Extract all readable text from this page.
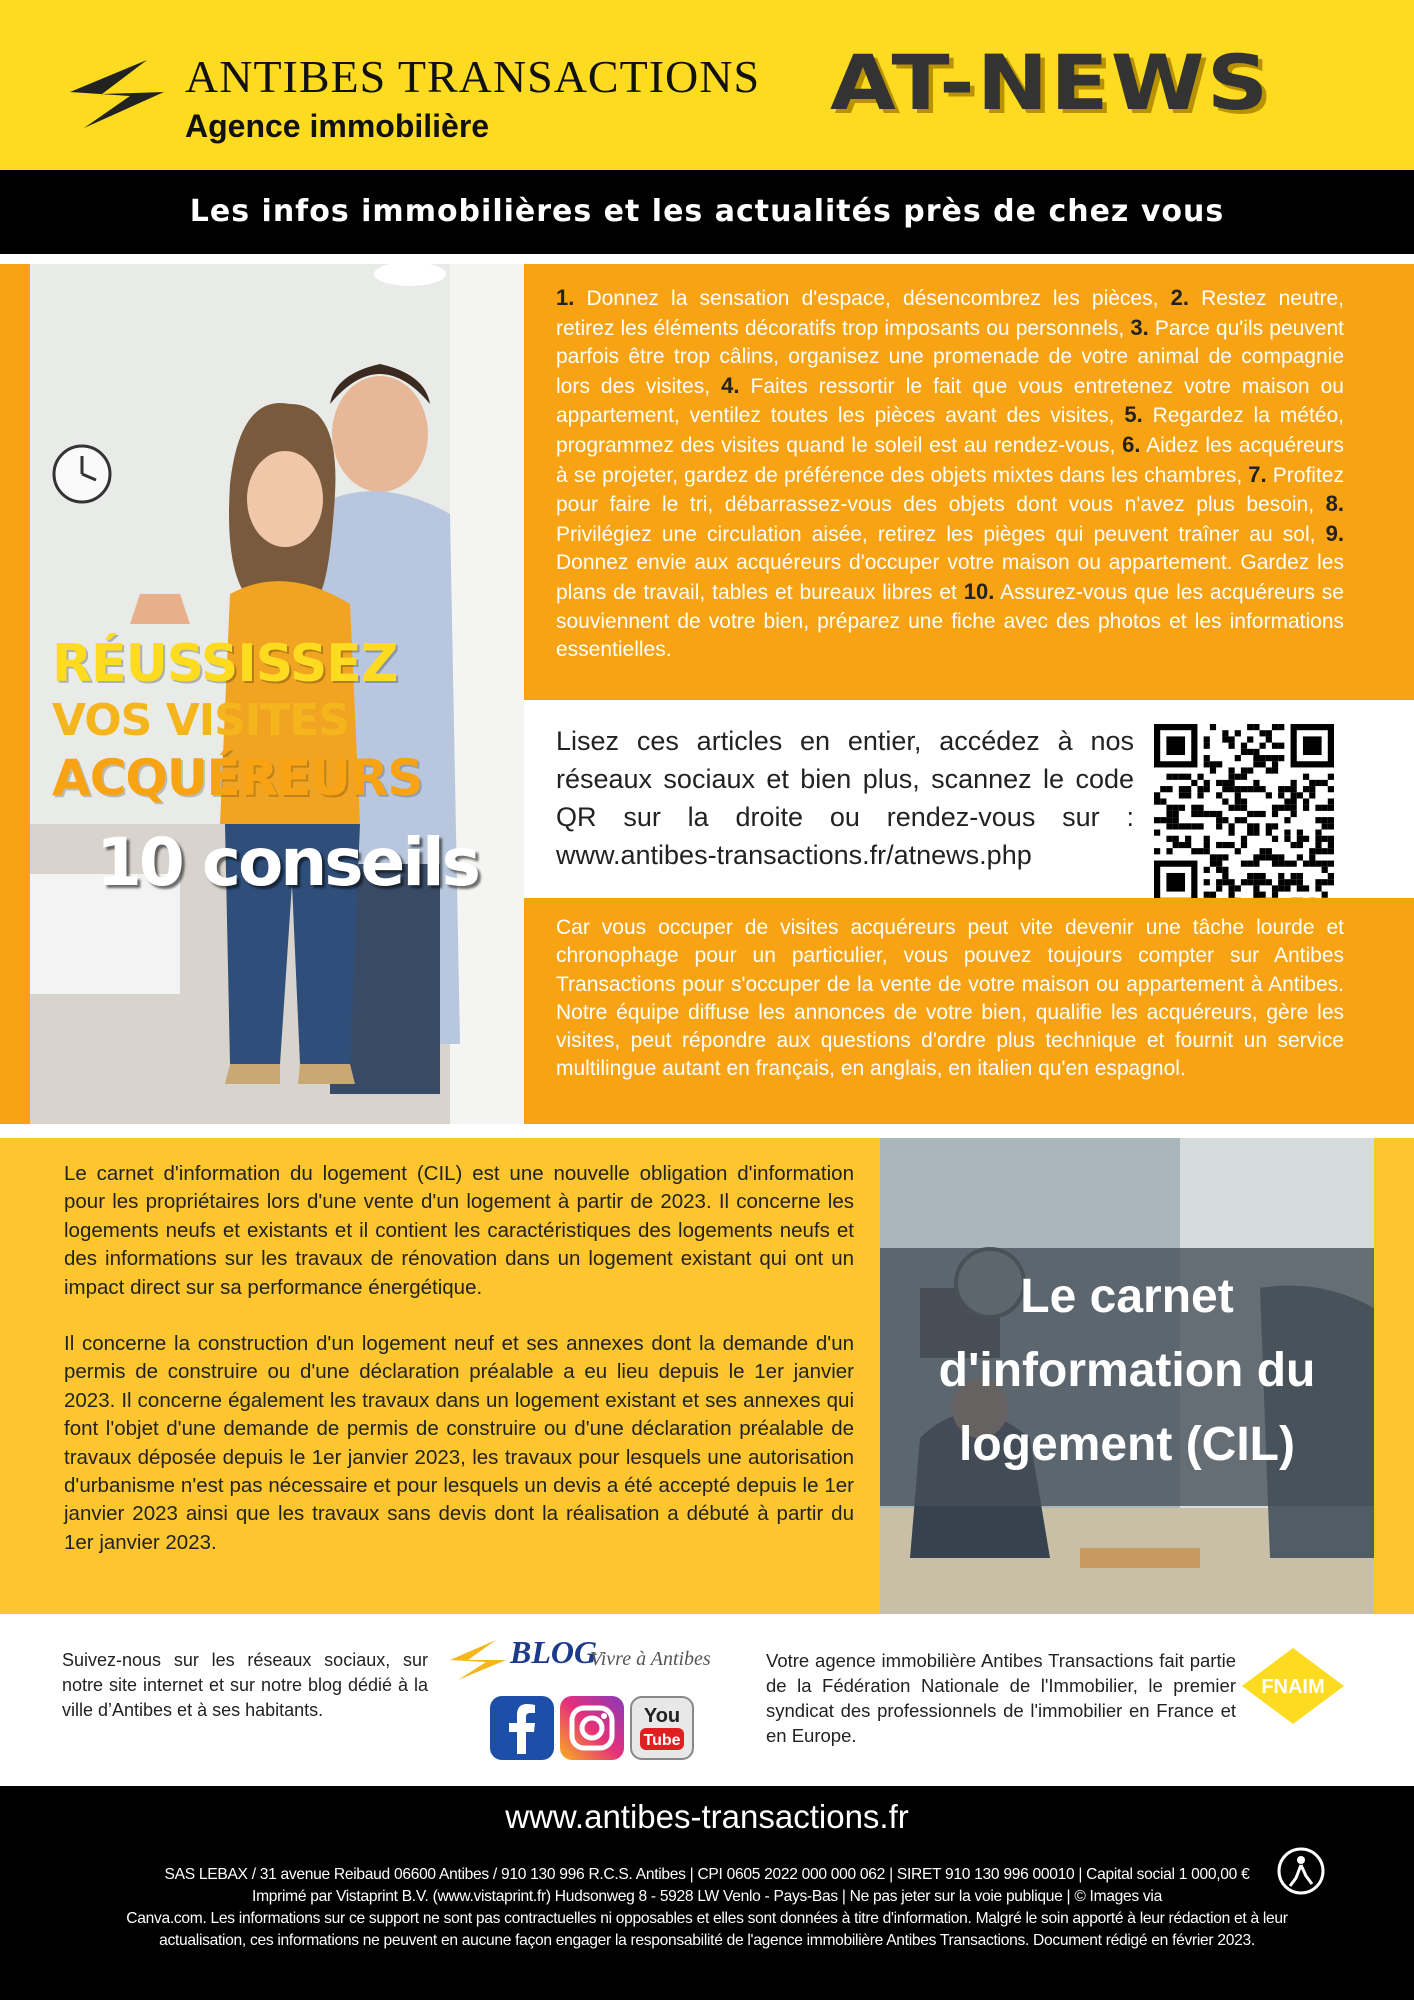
ANTIBES TRANSACTIONS
Agence immobilière	AT-NEWS
Les infos immobilières et les actualités près de chez vous
RÉUSSISSEZ
VOS VISITES
ACQUÉREURS
10 conseils
1. Donnez la sensation d'espace, désencombrez les pièces, 2. Restez neutre, retirez les éléments décoratifs trop imposants ou personnels, 3. Parce qu'ils peuvent parfois être trop câlins, organisez une promenade de votre animal de compagnie lors des visites, 4. Faites ressortir le fait que vous entretenez votre maison ou appartement, ventilez toutes les pièces avant des visites, 5. Regardez la météo, programmez des visites quand le soleil est au rendez-vous, 6. Aidez les acquéreurs à se projeter, gardez de préférence des objets mixtes dans les chambres, 7. Profitez pour faire le tri, débarrassez-vous des objets dont vous n'avez plus besoin, 8. Privilégiez une circulation aisée, retirez les pièges qui peuvent traîner au sol, 9. Donnez envie aux acquéreurs d'occuper votre maison ou appartement. Gardez les plans de travail, tables et bureaux libres et 10. Assurez-vous que les acquéreurs se souviennent de votre bien, préparez une fiche avec des photos et les informations essentielles.
Lisez ces articles en entier, accédez à nos réseaux sociaux et bien plus, scannez le code QR sur la droite ou rendez-vous sur : www.antibes-transactions.fr/atnews.php
Car vous occuper de visites acquéreurs peut vite devenir une tâche lourde et chronophage pour un particulier, vous pouvez toujours compter sur Antibes Transactions pour s'occuper de la vente de votre maison ou appartement à Antibes. Notre équipe diffuse les annonces de votre bien, qualifie les acquéreurs, gère les visites, peut répondre aux questions d'ordre plus technique et fournit un service multilingue autant en français, en anglais, en italien qu'en espagnol.

Le carnet d'information du logement (CIL) est une nouvelle obligation d'information pour les propriétaires lors d'une vente d'un logement à partir de 2023. Il concerne les logements neufs et existants et il contient les caractéristiques des logements neufs et des informations sur les travaux de rénovation dans un logement existant qui ont un impact direct sur sa performance énergétique.

Il concerne la construction d'un logement neuf et ses annexes dont la demande d'un permis de construire ou d'une déclaration préalable a eu lieu depuis le 1er janvier 2023. Il concerne également les travaux dans un logement existant et ses annexes qui font l'objet d'une demande de permis de construire ou d'une déclaration préalable de travaux déposée depuis le 1er janvier 2023, les travaux pour lesquels une autorisation d'urbanisme n'est pas nécessaire et pour lesquels un devis a été accepté depuis le 1er janvier 2023 ainsi que les travaux sans devis dont la réalisation a débuté à partir du 1er janvier 2023.

Le carnet d'information du logement (CIL)
Suivez-nous sur les réseaux sociaux, sur notre site internet et sur notre blog dédié à la ville d’Antibes et à ses habitants.
BLOG
Vivre à Antibes
You
Tube
Votre agence immobilière Antibes Transactions fait partie de la Fédération Nationale de l'Immobilier, le premier syndicat des professionnels de l'immobilier en France et en Europe.
FNAIM
www.antibes-transactions.fr
SAS LEBAX / 31 avenue Reibaud 06600 Antibes / 910 130 996 R.C.S. Antibes | CPI 0605 2022 000 000 062 | SIRET 910 130 996 00010 | Capital social 1 000,00 €
Imprimé par Vistaprint B.V. (www.vistaprint.fr) Hudsonweg 8 - 5928 LW Venlo - Pays-Bas | Ne pas jeter sur la voie publique | © Images via
Canva.com. Les informations sur ce support ne sont pas contractuelles ni opposables et elles sont données à titre d'information. Malgré le soin apporté à leur rédaction et à leur
actualisation, ces informations ne peuvent en aucune façon engager la responsabilité de l'agence immobilière Antibes Transactions. Document rédigé en février 2023.
